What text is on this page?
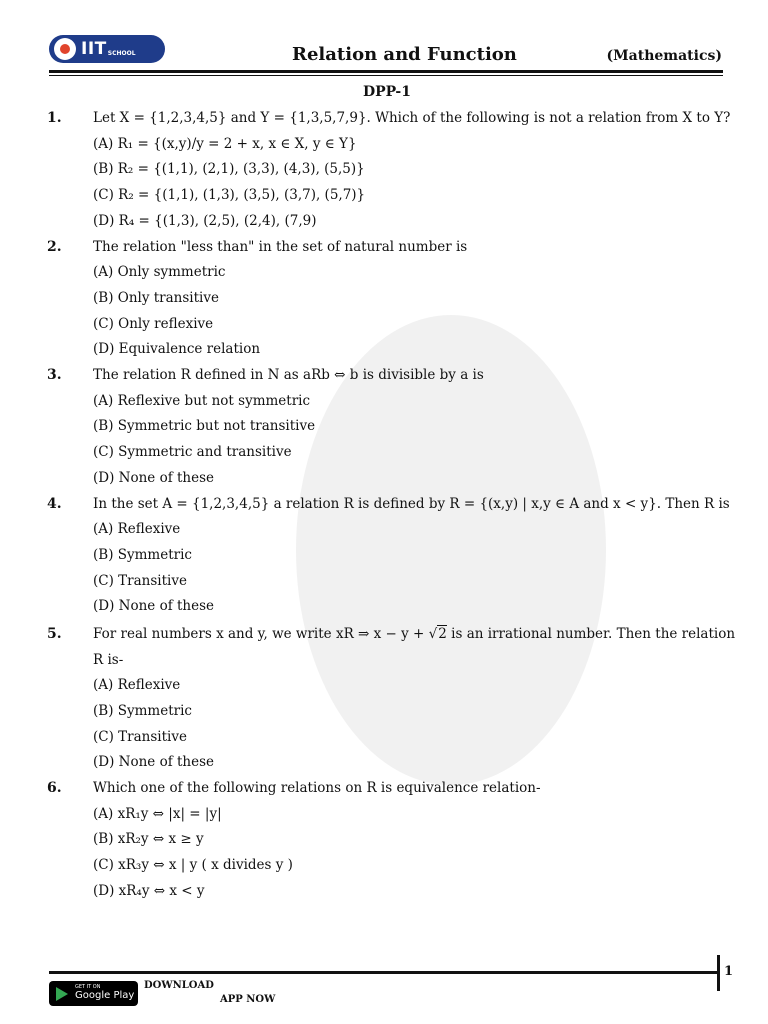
IIT SCHOOL	Relation and Function	(Mathematics)
DPP-1
1. Let X = {1,2,3,4,5} and Y = {1,3,5,7,9}. Which of the following is not a relation from X to Y?
(A) R₁ = {(x,y)/y = 2 + x, x ∈ X, y ∈ Y}
(B) R₂ = {(1,1), (2,1), (3,3), (4,3), (5,5)}
(C) R₂ = {(1,1), (1,3), (3,5), (3,7), (5,7)}
(D) R₄ = {(1,3), (2,5), (2,4), (7,9)
2. The relation "less than" in the set of natural number is
(A) Only symmetric
(B) Only transitive
(C) Only reflexive
(D) Equivalence relation
3. The relation R defined in N as aRb ⇔ b is divisible by a is
(A) Reflexive but not symmetric
(B) Symmetric but not transitive
(C) Symmetric and transitive
(D) None of these
4. In the set A = {1,2,3,4,5} a relation R is defined by R = {(x,y) | x,y ∈ A and x < y}. Then R is
(A) Reflexive
(B) Symmetric
(C) Transitive
(D) None of these
5. For real numbers x and y, we write xR ⇒ x − y + √2 is an irrational number. Then the relation
R is-
(A) Reflexive
(B) Symmetric
(C) Transitive
(D) None of these
6. Which one of the following relations on R is equivalence relation-
(A) xR₁y ⇔ |x| = |y|
(B) xR₂y ⇔ x ≥ y
(C) xR₃y ⇔ x | y ( x divides y )
(D) xR₄y ⇔ x < y
1
GET IT ON
Google Play
DOWNLOAD
APP NOW
